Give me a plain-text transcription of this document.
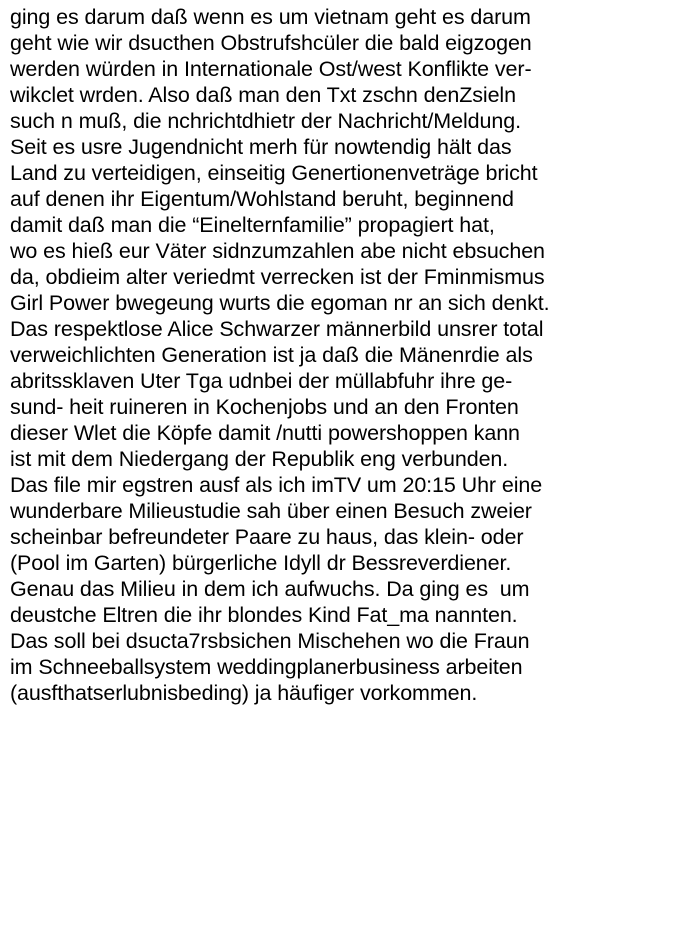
ging es darum daß wenn es um vietnam geht es darum
geht wie wir dsucthen Obstrufshcüler die bald eigzogen
werden würden in Internationale Ost/west Konflikte ver-
wikclet wrden. Also daß man den Txt zschn denZsieln
such n muß, die nchrichtdhietr der Nachricht/Meldung.
Seit es usre Jugendnicht merh für nowtendig hält das
Land zu verteidigen, einseitig Genertionenveträge bricht
auf denen ihr Eigentum/Wohlstand beruht, beginnend
damit daß man die “Einelternfamilie” propagiert hat,
wo es hieß eur Väter sidnzumzahlen abe nicht ebsuchen
da, obdieim alter veriedmt verrecken ist der Fminmismus
Girl Power bwegeung wurts die egoman nr an sich denkt.
Das respektlose Alice Schwarzer männerbild unsrer total
verweichlichten Generation ist ja daß die Mänenrdie als
abritssklaven Uter Tga udnbei der müllabfuhr ihre ge-
sund- heit ruineren in Kochenjobs und an den Fronten
dieser Wlet die Köpfe damit /nutti powershoppen kann
ist mit dem Niedergang der Republik eng verbunden.
Das file mir egstren ausf als ich imTV um 20:15 Uhr eine
wunderbare Milieustudie sah über einen Besuch zweier
scheinbar befreundeter Paare zu haus, das klein- oder
(Pool im Garten) bürgerliche Idyll dr Bessreverdiener.
Genau das Milieu in dem ich aufwuchs. Da ging es  um
deustche Eltren die ihr blondes Kind Fat_ma nannten.
Das soll bei dsucta7rsbsichen Mischehen wo die Fraun
im Schneeballsystem weddingplanerbusiness arbeiten
(ausfthatserlubnisbeding) ja häufiger vorkommen.
